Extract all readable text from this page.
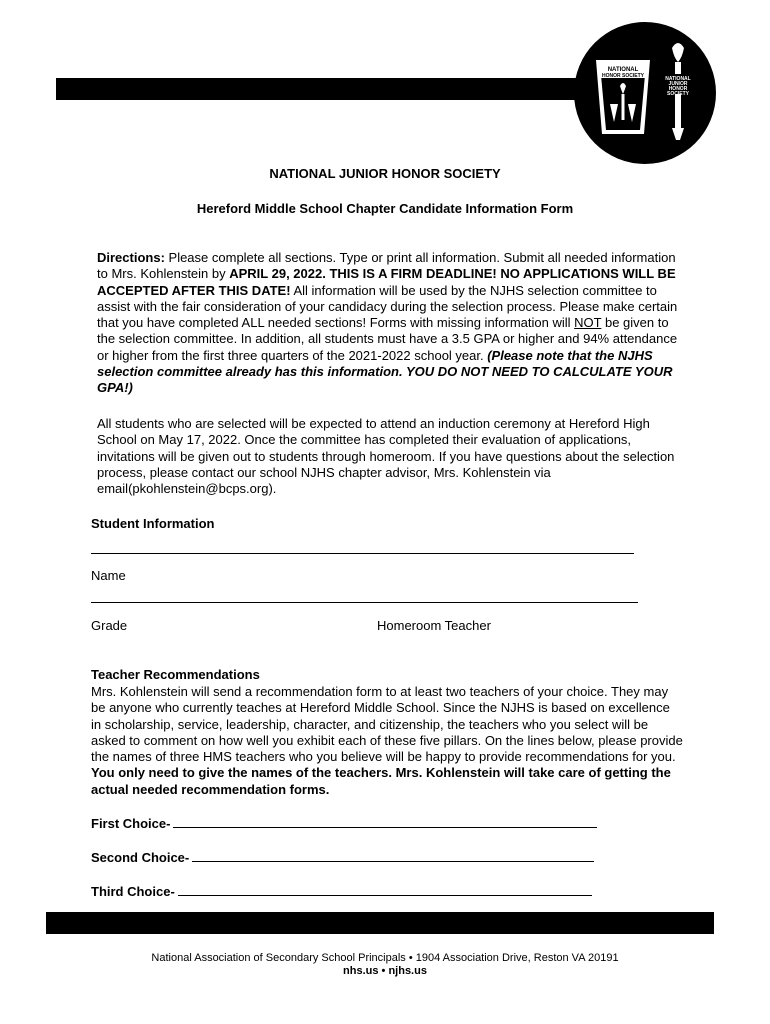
NATIONAL
HONOR SOCIETY	NATIONAL
JUNIOR
HONOR
SOCIETY
NATIONAL JUNIOR HONOR SOCIETY
Hereford Middle School Chapter Candidate Information Form
Directions: Please complete all sections. Type or print all information. Submit all needed information to Mrs. Kohlenstein by APRIL 29, 2022. THIS IS A FIRM DEADLINE! NO APPLICATIONS WILL BE ACCEPTED AFTER THIS DATE! All information will be used by the NJHS selection committee to assist with the fair consideration of your candidacy during the selection process. Please make certain that you have completed ALL needed sections! Forms with missing information will NOT be given to the selection committee. In addition, all students must have a 3.5 GPA or higher and 94% attendance or higher from the first three quarters of the 2021-2022 school year. (Please note that the NJHS selection committee already has this information. YOU DO NOT NEED TO CALCULATE YOUR GPA!)
All students who are selected will be expected to attend an induction ceremony at Hereford High School on May 17, 2022. Once the committee has completed their evaluation of applications, invitations will be given out to students through homeroom. If you have questions about the selection process, please contact our school NJHS chapter advisor, Mrs. Kohlenstein via email(pkohlenstein@bcps.org).
Student Information
Name
Grade	Homeroom Teacher
Teacher Recommendations
Mrs. Kohlenstein will send a recommendation form to at least two teachers of your choice. They may be anyone who currently teaches at Hereford Middle School. Since the NJHS is based on excellence in scholarship, service, leadership, character, and citizenship, the teachers who you select will be asked to comment on how well you exhibit each of these five pillars. On the lines below, please provide the names of three HMS teachers who you believe will be happy to provide recommendations for you. You only need to give the names of the teachers. Mrs. Kohlenstein will take care of getting the actual needed recommendation forms.
First Choice-
Second Choice-
Third Choice-
National Association of Secondary School Principals • 1904 Association Drive, Reston VA 20191
nhs.us • njhs.us
